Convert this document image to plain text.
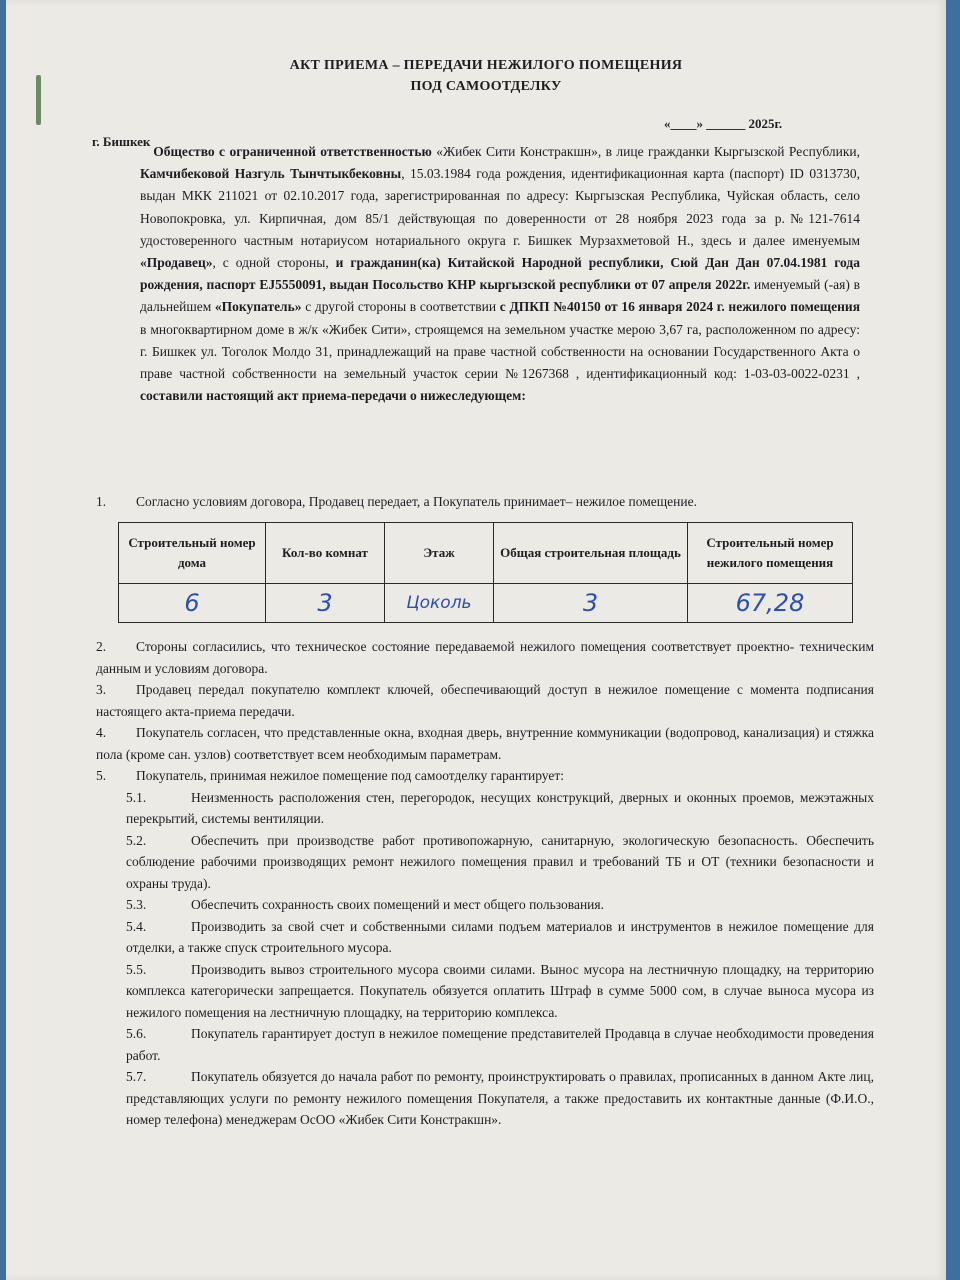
АКТ ПРИЕМА – ПЕРЕДАЧИ НЕЖИЛОГО ПОМЕЩЕНИЯ
ПОД САМООТДЕЛКУ
«____» ______ 2025г.
г. Бишкек
Общество с ограниченной ответственностью «Жибек Сити Констракшн», в лице гражданки Кыргызской Республики, Камчибековой Назгуль Тынчтыкбековны, 15.03.1984 года рождения, идентификационная карта (паспорт) ID 0313730, выдан МКК 211021 от 02.10.2017 года, зарегистрированная по адресу: Кыргызская Республика, Чуйская область, село Новопокровка, ул. Кирпичная, дом 85/1 действующая по доверенности от 28 ноября 2023 года за р.№121-7614 удостоверенного частным нотариусом нотариального округа г. Бишкек Мурзахметовой Н., здесь и далее именуемым «Продавец», с одной стороны, и гражданин(ка) Китайской Народной республики, Сюй Дан Дан 07.04.1981 года рождения, паспорт EJ5550091, выдан Посольство КНР кыргызской республики от 07 апреля 2022г. именуемый (-ая) в дальнейшем «Покупатель» с другой стороны в соответствии с ДПКП №40150 от 16 января 2024 г. нежилого помещения в многоквартирном доме в ж/к «Жибек Сити», строящемся на земельном участке мерою 3,67 га, расположенном по адресу: г. Бишкек ул. Тоголок Молдо 31, принадлежащий на праве частной собственности на основании Государственного Акта о праве частной собственности на земельный участок серии №1267368 , идентификационный код: 1-03-03-0022-0231 , составили настоящий акт приема-передачи о нижеследующем:
1. Согласно условиям договора, Продавец передает, а Покупатель принимает– нежилое помещение.
Строительный номер дома	Кол-во комнат	Этаж	Общая строительная площадь	Строительный номер нежилого помещения
6	3	Цоколь	3	67,28

2. Стороны согласились, что техническое состояние передаваемой нежилого помещения соответствует проектно- техническим данным и условиям договора.

3. Продавец передал покупателю комплект ключей, обеспечивающий доступ в нежилое помещение с момента подписания настоящего акта-приема передачи.

4. Покупатель согласен, что представленные окна, входная дверь, внутренние коммуникации (водопровод, канализация) и стяжка пола (кроме сан. узлов) соответствует всем необходимым параметрам.

5. Покупатель, принимая нежилое помещение под самоотделку гарантирует:

5.1.	Неизменность расположения стен, перегородок, несущих конструкций, дверных и оконных проемов, межэтажных перекрытий, системы вентиляции.

5.2.	Обеспечить при производстве работ противопожарную, санитарную, экологическую безопасность. Обеспечить соблюдение рабочими производящих ремонт нежилого помещения правил и требований ТБ и ОТ (техники безопасности и охраны труда).

5.3.	Обеспечить сохранность своих помещений и мест общего пользования.

5.4.	Производить за свой счет и собственными силами подъем материалов и инструментов в нежилое помещение для отделки, а также спуск строительного мусора.

5.5.	Производить вывоз строительного мусора своими силами. Вынос мусора на лестничную площадку, на территорию комплекса категорически запрещается. Покупатель обязуется оплатить Штраф в сумме 5000 сом, в случае выноса мусора из нежилого помещения на лестничную площадку, на территорию комплекса.

5.6.	Покупатель гарантирует доступ в нежилое помещение представителей Продавца в случае необходимости проведения работ.

5.7.	Покупатель обязуется до начала работ по ремонту, проинструктировать о правилах, прописанных в данном Акте лиц, представляющих услуги по ремонту нежилого помещения Покупателя, а также предоставить их контактные данные (Ф.И.О., номер телефона) менеджерам ОсОО «Жибек Сити Констракшн».
